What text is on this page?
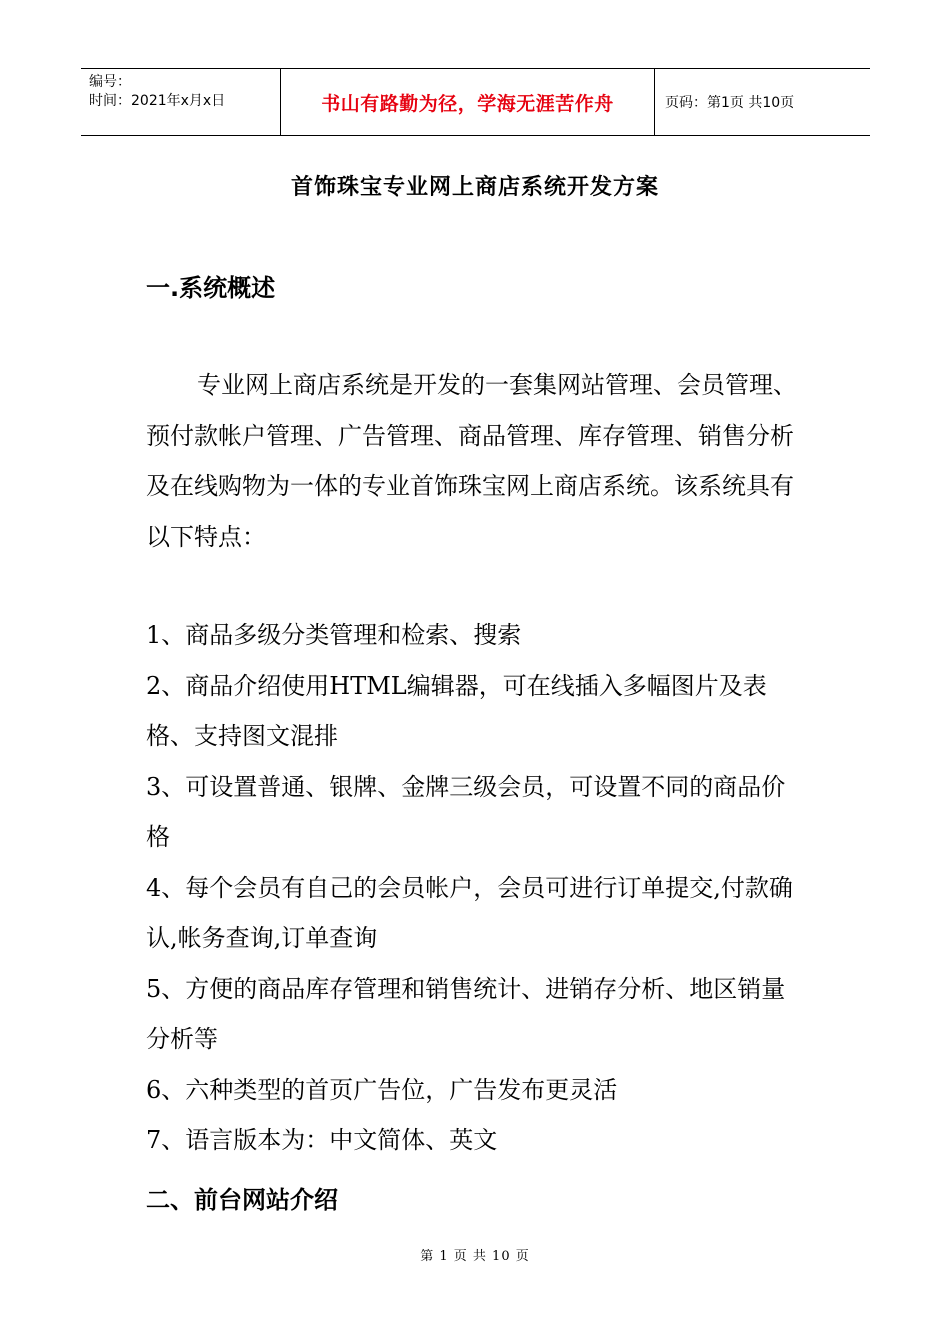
编号：
时间：2021年x月x日	书山有路勤为径，学海无涯苦作舟	页码：第1页 共10页
首饰珠宝专业网上商店系统开发方案
一.系统概述

专业网上商店系统是开发的一套集网站管理、会员管理、预付款帐户管理、广告管理、商品管理、库存管理、销售分析及在线购物为一体的专业首饰珠宝网上商店系统。该系统具有以下特点：

1、商品多级分类管理和检索、搜索
2、商品介绍使用HTML编辑器，可在线插入多幅图片及表格、支持图文混排
3、可设置普通、银牌、金牌三级会员，可设置不同的商品价格
4、每个会员有自己的会员帐户，会员可进行订单提交,付款确认,帐务查询,订单查询
5、方便的商品库存管理和销售统计、进销存分析、地区销量分析等
6、六种类型的首页广告位，广告发布更灵活
7、语言版本为：中文简体、英文
二、前台网站介绍
第 1 页 共 10 页
